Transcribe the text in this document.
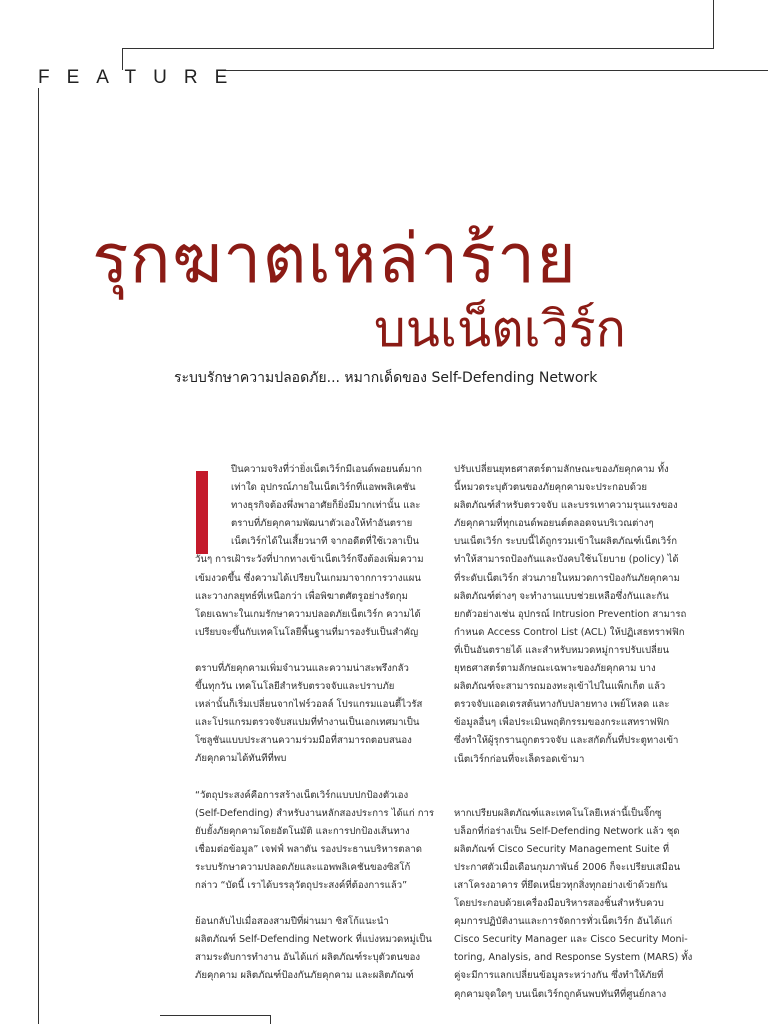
FEATURE
รุกฆาตเหล่าร้าย
บนเน็ตเวิร์ก
ระบบรักษาความปลอดภัย... หมากเด็ดของ Self-Defending Network

ปีนความจริงที่ว่ายิ่งเน็ตเวิร์กมีเอนด์พอยนต์มาก
เท่าใด อุปกรณ์ภายในเน็ตเวิร์กที่แอพพลิเคชัน
ทางธุรกิจต้องพึ่งพาอาศัยก็ยิ่งมีมากเท่านั้น และ
ตราบที่ภัยคุกคามพัฒนาตัวเองให้ทำอันตราย
เน็ตเวิร์กได้ในเสี้ยวนาที จากอดีตที่ใช้เวลาเป็น
วันๆ การเฝ้าระวังที่ปากทางเข้าเน็ตเวิร์กจึงต้องเพิ่มความ
เข้มงวดขึ้น ซึ่งความได้เปรียบในเกมมาจากการวางแผน
และวางกลยุทธ์ที่เหนือกว่า เพื่อพิฆาตศัตรูอย่างรัดกุม
โดยเฉพาะในเกมรักษาความปลอดภัยเน็ตเวิร์ก ความได้
เปรียบจะขึ้นกับเทคโนโลยีพื้นฐานที่มารองรับเป็นสำคัญ

ตราบที่ภัยคุกคามเพิ่มจำนวนและความน่าสะพรึงกลัว
ขึ้นทุกวัน เทคโนโลยีสำหรับตรวจจับและปราบภัย
เหล่านั้นก็เริ่มเปลี่ยนจากไฟร์วอลล์ โปรแกรมแอนตี้ไวรัส
และโปรแกรมตรวจจับสแปมที่ทำงานเป็นเอกเทศมาเป็น
โซลูชันแบบประสานความร่วมมือที่สามารถตอบสนอง
ภัยคุกคามได้ทันทีที่พบ

“วัตถุประสงค์คือการสร้างเน็ตเวิร์กแบบปกป้องตัวเอง
(Self-Defending) สำหรับงานหลักสองประการ ได้แก่ การ
ยับยั้งภัยคุกคามโดยอัตโนมัติ และการปกป้องเส้นทาง
เชื่อมต่อข้อมูล” เจฟฟ์ พลาตัน รองประธานบริหารตลาด
ระบบรักษาความปลอดภัยและแอพพลิเคชันของซิสโก้
กล่าว “บัดนี้ เราได้บรรลุวัตถุประสงค์ที่ต้องการแล้ว”

ย้อนกลับไปเมื่อสองสามปีที่ผ่านมา ซิสโก้แนะนำ
ผลิตภัณฑ์ Self-Defending Network ที่แบ่งหมวดหมู่เป็น
สามระดับการทำงาน อันได้แก่ ผลิตภัณฑ์ระบุตัวตนของ
ภัยคุกคาม ผลิตภัณฑ์ป้องกันภัยคุกคาม และผลิตภัณฑ์

ปรับเปลี่ยนยุทธศาสตร์ตามลักษณะของภัยคุกคาม ทั้ง
นี้หมวดระบุตัวตนของภัยคุกคามจะประกอบด้วย
ผลิตภัณฑ์สำหรับตรวจจับ และบรรเทาความรุนแรงของ
ภัยคุกคามที่ทุกเอนด์พอยนต์ตลอดจนบริเวณต่างๆ
บนเน็ตเวิร์ก ระบบนี้ได้ถูกรวมเข้าในผลิตภัณฑ์เน็ตเวิร์ก
ทำให้สามารถป้องกันและบังคบใช้นโยบาย (policy) ได้
ที่ระดับเน็ตเวิร์ก ส่วนภายในหมวดการป้องกันภัยคุกคาม
ผลิตภัณฑ์ต่างๆ จะทำงานแบบช่วยเหลือซึ่งกันและกัน
ยกตัวอย่างเช่น อุปกรณ์ Intrusion Prevention สามารถ
กำหนด Access Control List (ACL) ให้ปฏิเสธทราฟฟิก
ที่เป็นอันตรายได้ และสำหรับหมวดหมู่การปรับเปลี่ยน
ยุทธศาสตร์ตามลักษณะเฉพาะของภัยคุกคาม บาง
ผลิตภัณฑ์จะสามารถมองทะลุเข้าไปในแพ็กเก็ต แล้ว
ตรวจจับแอดเดรสต้นทางกับปลายทาง เพย์โหลด และ
ข้อมูลอื่นๆ เพื่อประเมินพฤติกรรมของกระแสทราฟฟิก
ซึ่งทำให้ผู้รุกรานถูกตรวจจับ และสกัดกั้นที่ประตูทางเข้า
เน็ตเวิร์กก่อนที่จะเล็ดรอดเข้ามา

หากเปรียบผลิตภัณฑ์และเทคโนโลยีเหล่านี้เป็นจิ๊กซู
บล็อกที่ก่อร่างเป็น Self-Defending Network แล้ว ชุด
ผลิตภัณฑ์ Cisco Security Management Suite ที่
ประกาศตัวเมื่อเดือนกุมภาพันธ์ 2006 ก็จะเปรียบเสมือน
เสาโครงอาคาร ที่ยึดเหนี่ยวทุกสิ่งทุกอย่างเข้าด้วยกัน
โดยประกอบด้วยเครื่องมือบริหารสองชิ้นสำหรับควบ
คุมการปฏิบัติงานและการจัดการทั่วเน็ตเวิร์ก อันได้แก่
Cisco Security Manager และ Cisco Security Moni-
toring, Analysis, and Response System (MARS) ทั้ง
คู่จะมีการแลกเปลี่ยนข้อมูลระหว่างกัน ซึ่งทำให้ภัยที่
คุกคามจุดใดๆ บนเน็ตเวิร์กถูกค้นพบทันทีที่ศูนย์กลาง
